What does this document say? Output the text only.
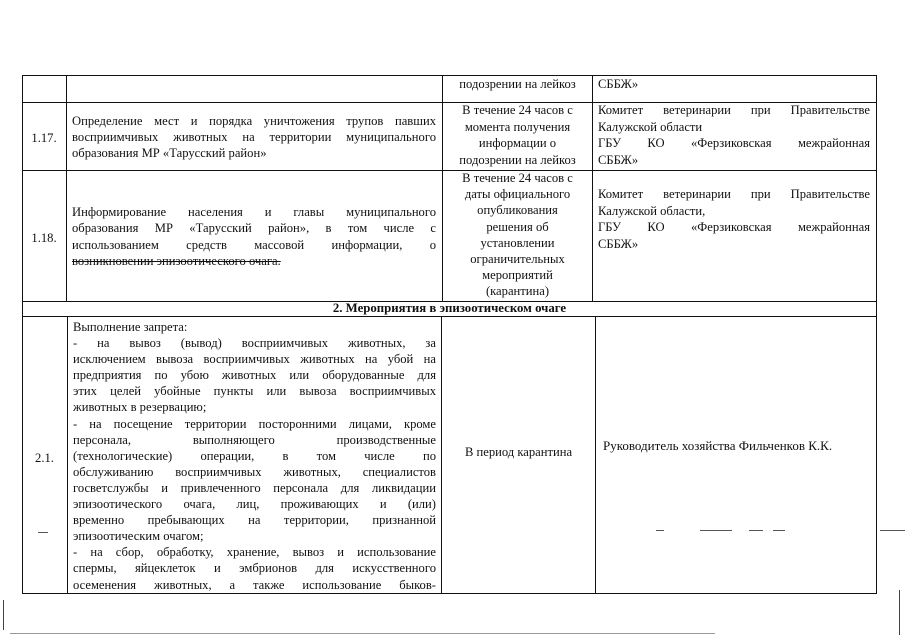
подозрении на лейкоз	СББЖ»
1.17.
Определение мест и порядка уничтожения трупов павших
восприимчивых животных на территории муниципального
образования МР «Тарусский район»
В течение 24 часов с
момента получения
информации о
подозрении на лейкоз
Комитет ветеринарии при Правительстве
Калужской области
ГБУ КО «Ферзиковская межрайонная
СББЖ»
1.18.
Информирование населения и главы муниципального
образования МР «Тарусский район», в том числе с
использованием средств массовой информации, о
возникновении эпизоотического очага.
В течение 24 часов с
даты официального
опубликования
решения об
установлении
ограничительных
мероприятий
(карантина)
Комитет ветеринарии при Правительстве
Калужской области,
ГБУ КО «Ферзиковская межрайонная
СББЖ»
2. Мероприятия в эпизоотическом очаге
2.1.
Выполнение запрета:
- на вывоз (вывод) восприимчивых животных, за
исключением вывоза восприимчивых животных на убой на
предприятия по убою животных или оборудованные для
этих целей убойные пункты или вывоза восприимчивых
животных в резервацию;
- на посещение территории посторонними лицами, кроме
персонала, выполняющего производственные
(технологические) операции, в том числе по
обслуживанию восприимчивых животных, специалистов
госветслужбы и привлеченного персонала для ликвидации
эпизоотического очага, лиц, проживающих и (или)
временно пребывающих на территории, признанной
эпизоотическим очагом;
- на сбор, обработку, хранение, вывоз и использование
спермы, яйцеклеток и эмбрионов для искусственного
осеменения животных, а также использование быков-
В период карантина	Руководитель хозяйства Фильченков К.К.
